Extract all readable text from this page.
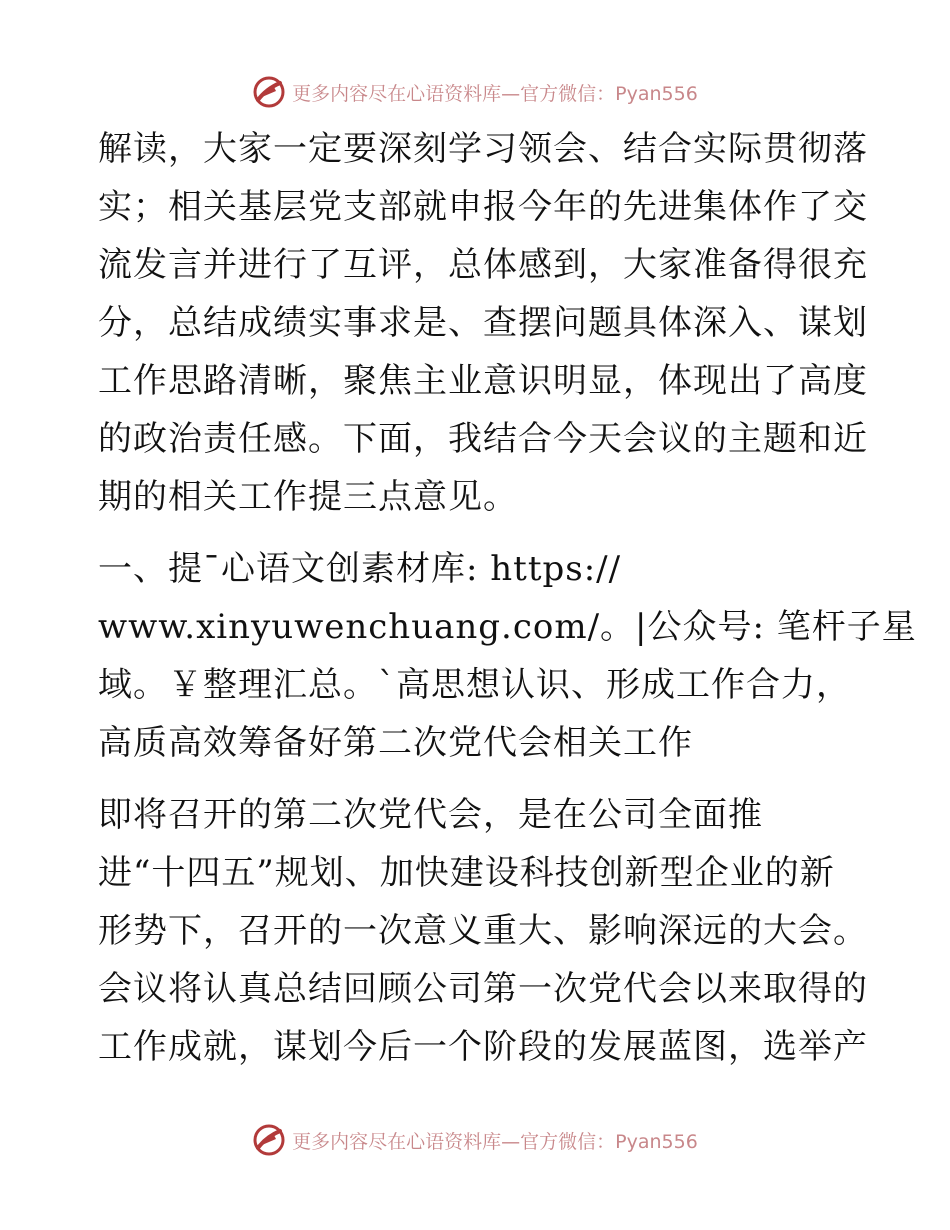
更多内容尽在心语资料库—官方微信：Pyan556
解读，大家一定要深刻学习领会、结合实际贯彻落
实；相关基层党支部就申报今年的先进集体作了交
流发言并进行了互评，总体感到，大家准备得很充
分，总结成绩实事求是、查摆问题具体深入、谋划
工作思路清晰，聚焦主业意识明显，体现出了高度
的政治责任感。下面，我结合今天会议的主题和近
期的相关工作提三点意见。
一、提¯心语文创素材库: https://
www.xinyuwenchuang.com/。|公众号: 笔杆子星
域。￥整理汇总。`高思想认识、形成工作合力，
高质高效筹备好第二次党代会相关工作
即将召开的第二次党代会，是在公司全面推
进“十四五”规划、加快建设科技创新型企业的新
形势下，召开的一次意义重大、影响深远的大会。
会议将认真总结回顾公司第一次党代会以来取得的
工作成就，谋划今后一个阶段的发展蓝图，选举产
更多内容尽在心语资料库—官方微信：Pyan556
